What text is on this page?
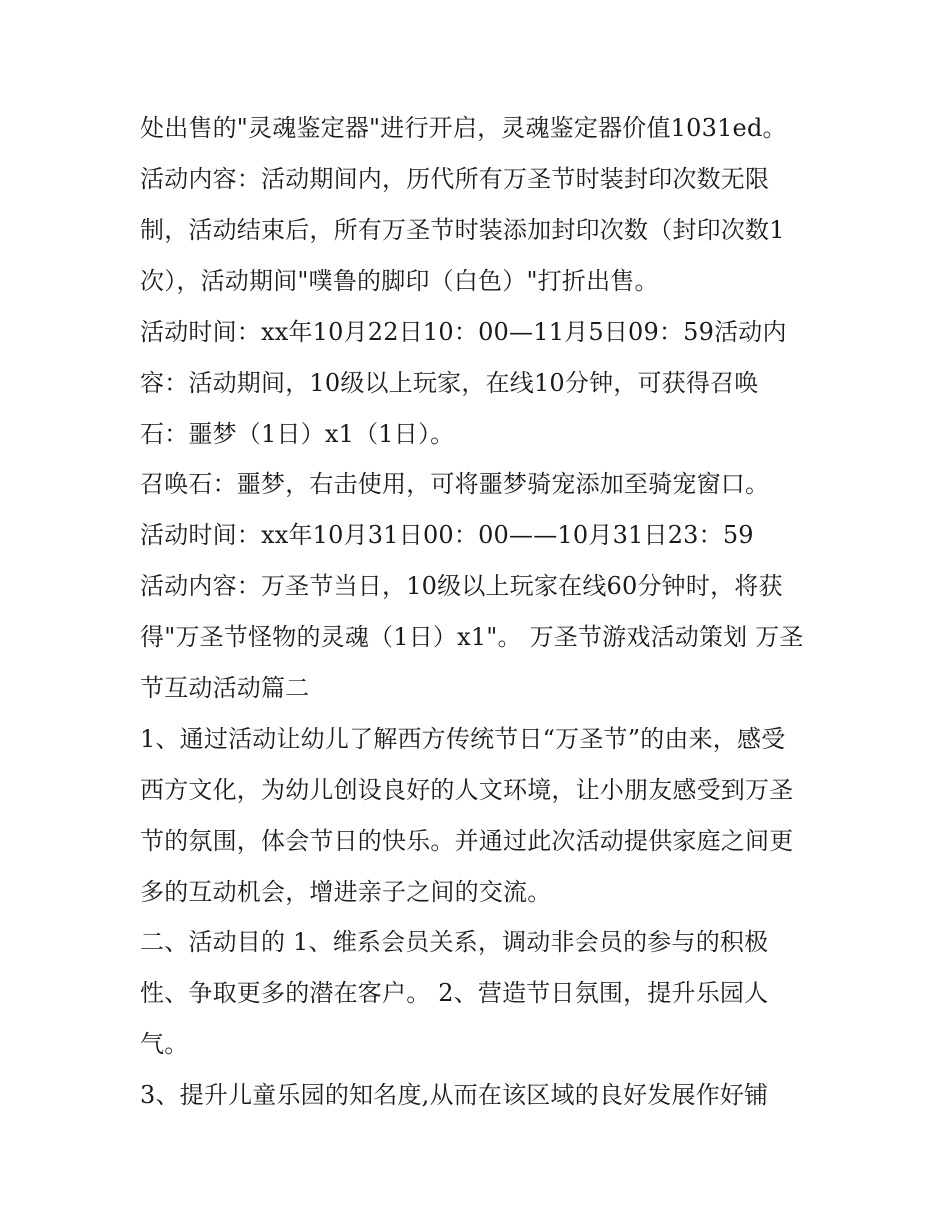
处出售的"灵魂鉴定器"进行开启，灵魂鉴定器价值1031ed。
活动内容：活动期间内，历代所有万圣节时装封印次数无限
制，活动结束后，所有万圣节时装添加封印次数（封印次数1
次），活动期间"噗鲁的脚印（白色）"打折出售。
活动时间：xx年10月22日10：00—11月5日09：59活动内
容：活动期间，10级以上玩家，在线10分钟，可获得召唤
石：噩梦（1日）x1（1日）。
召唤石：噩梦，右击使用，可将噩梦骑宠添加至骑宠窗口。
活动时间：xx年10月31日00：00——10月31日23：59
活动内容：万圣节当日，10级以上玩家在线60分钟时，将获
得"万圣节怪物的灵魂（1日）x1"。 万圣节游戏活动策划 万圣
节互动活动篇二
1、通过活动让幼儿了解西方传统节日“万圣节”的由来，感受
西方文化，为幼儿创设良好的人文环境，让小朋友感受到万圣
节的氛围，体会节日的快乐。并通过此次活动提供家庭之间更
多的互动机会，增进亲子之间的交流。
二、活动目的 1、维系会员关系，调动非会员的参与的积极
性、争取更多的潜在客户。 2、营造节日氛围，提升乐园人
气。
3、提升儿童乐园的知名度,从而在该区域的良好发展作好铺
